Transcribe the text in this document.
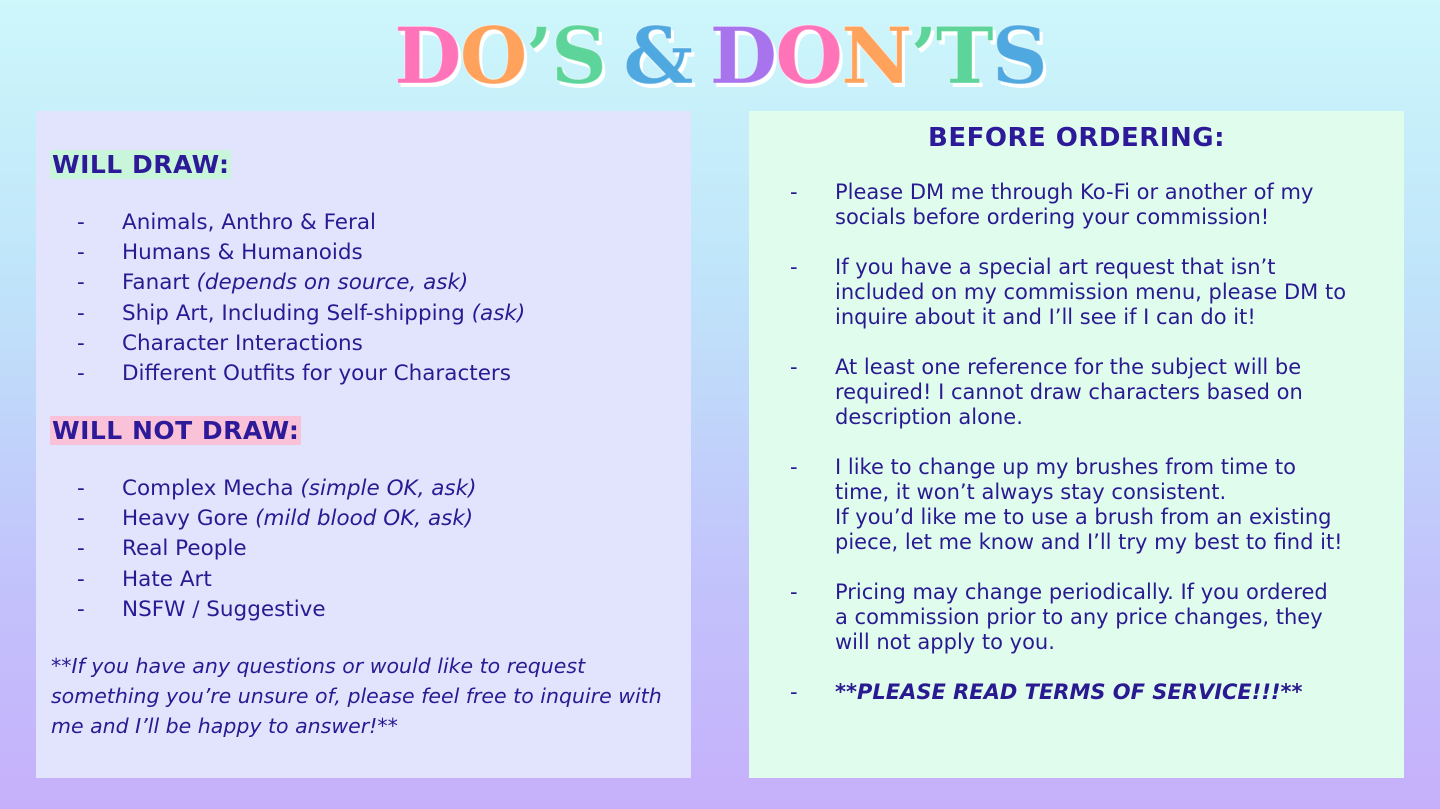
D O ’ S & D O N ’ T S
WILL DRAW:
- Animals, Anthro & Feral
- Humans & Humanoids
- Fanart (depends on source, ask)
- Ship Art, Including Self-shipping (ask)
- Character Interactions
- Different Outfits for your Characters
WILL NOT DRAW:
- Complex Mecha (simple OK, ask)
- Heavy Gore (mild blood OK, ask)
- Real People
- Hate Art
- NSFW / Suggestive
**If you have any questions or would like to request something you’re unsure of, please feel free to inquire with me and I’ll be happy to answer!**
BEFORE ORDERING:
- Please DM me through Ko-Fi or another of my
socials before ordering your commission!
- If you have a special art request that isn’t
included on my commission menu, please DM to
inquire about it and I’ll see if I can do it!
- At least one reference for the subject will be
required! I cannot draw characters based on
description alone.
- I like to change up my brushes from time to
time, it won’t always stay consistent.
If you’d like me to use a brush from an existing
piece, let me know and I’ll try my best to find it!
- Pricing may change periodically. If you ordered
a commission prior to any price changes, they
will not apply to you.
- **PLEASE READ TERMS OF SERVICE!!!**
